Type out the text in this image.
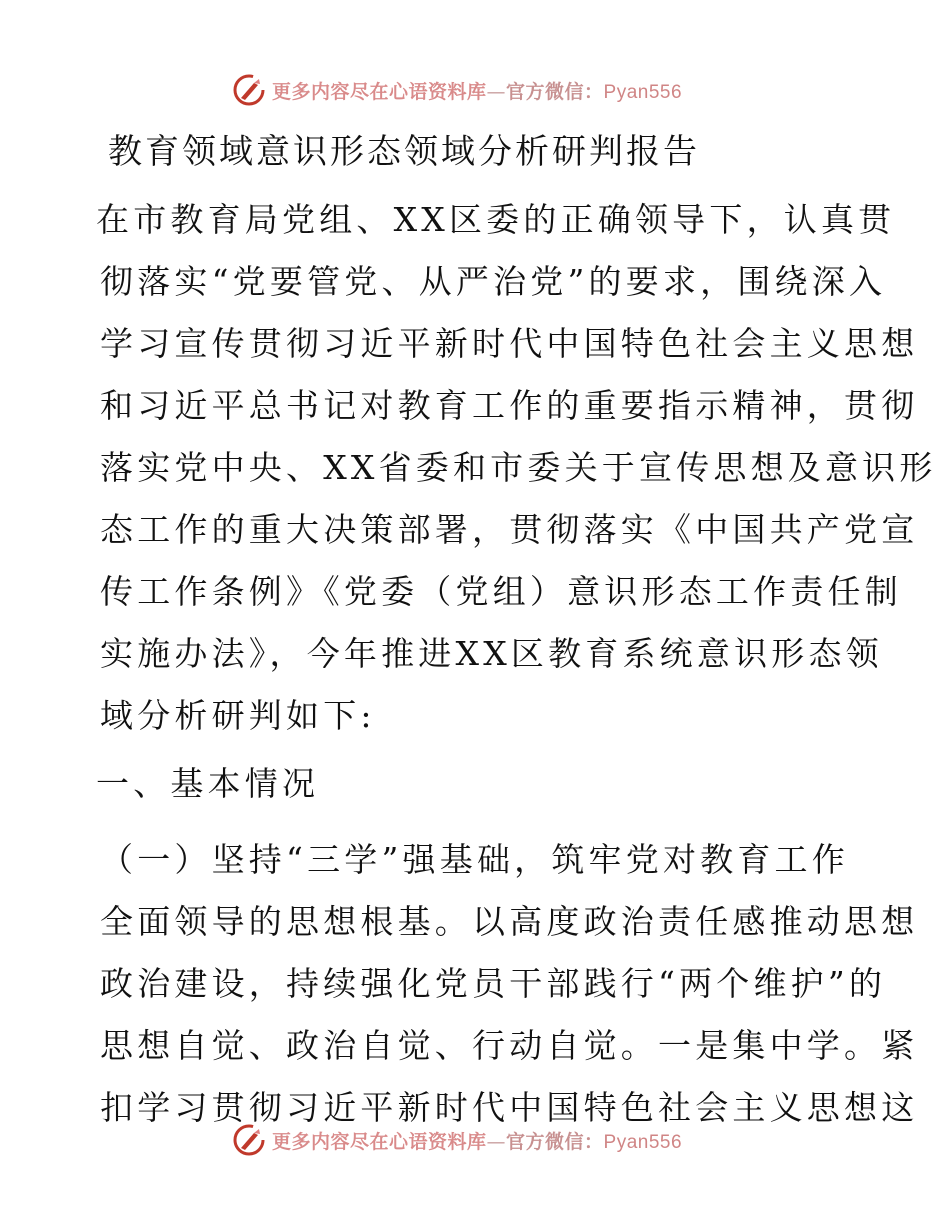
更多内容尽在心语资料库—官方微信：Pyan556
教育领域意识形态领域分析研判报告
在市教育局党组、XX区委的正确领导下，认真贯
彻落实“党要管党、从严治党”的要求，围绕深入
学习宣传贯彻习近平新时代中国特色社会主义思想
和习近平总书记对教育工作的重要指示精神，贯彻
落实党中央、XX省委和市委关于宣传思想及意识形
态工作的重大决策部署，贯彻落实《中国共产党宣
传工作条例》《党委（党组）意识形态工作责任制
实施办法》，今年推进XX区教育系统意识形态领
域分析研判如下:
一、基本情况
（一）坚持“三学”强基础，筑牢党对教育工作
全面领导的思想根基。以高度政治责任感推动思想
政治建设，持续强化党员干部践行“两个维护”的
思想自觉、政治自觉、行动自觉。一是集中学。紧
扣学习贯彻习近平新时代中国特色社会主义思想这
更多内容尽在心语资料库—官方微信：Pyan556
